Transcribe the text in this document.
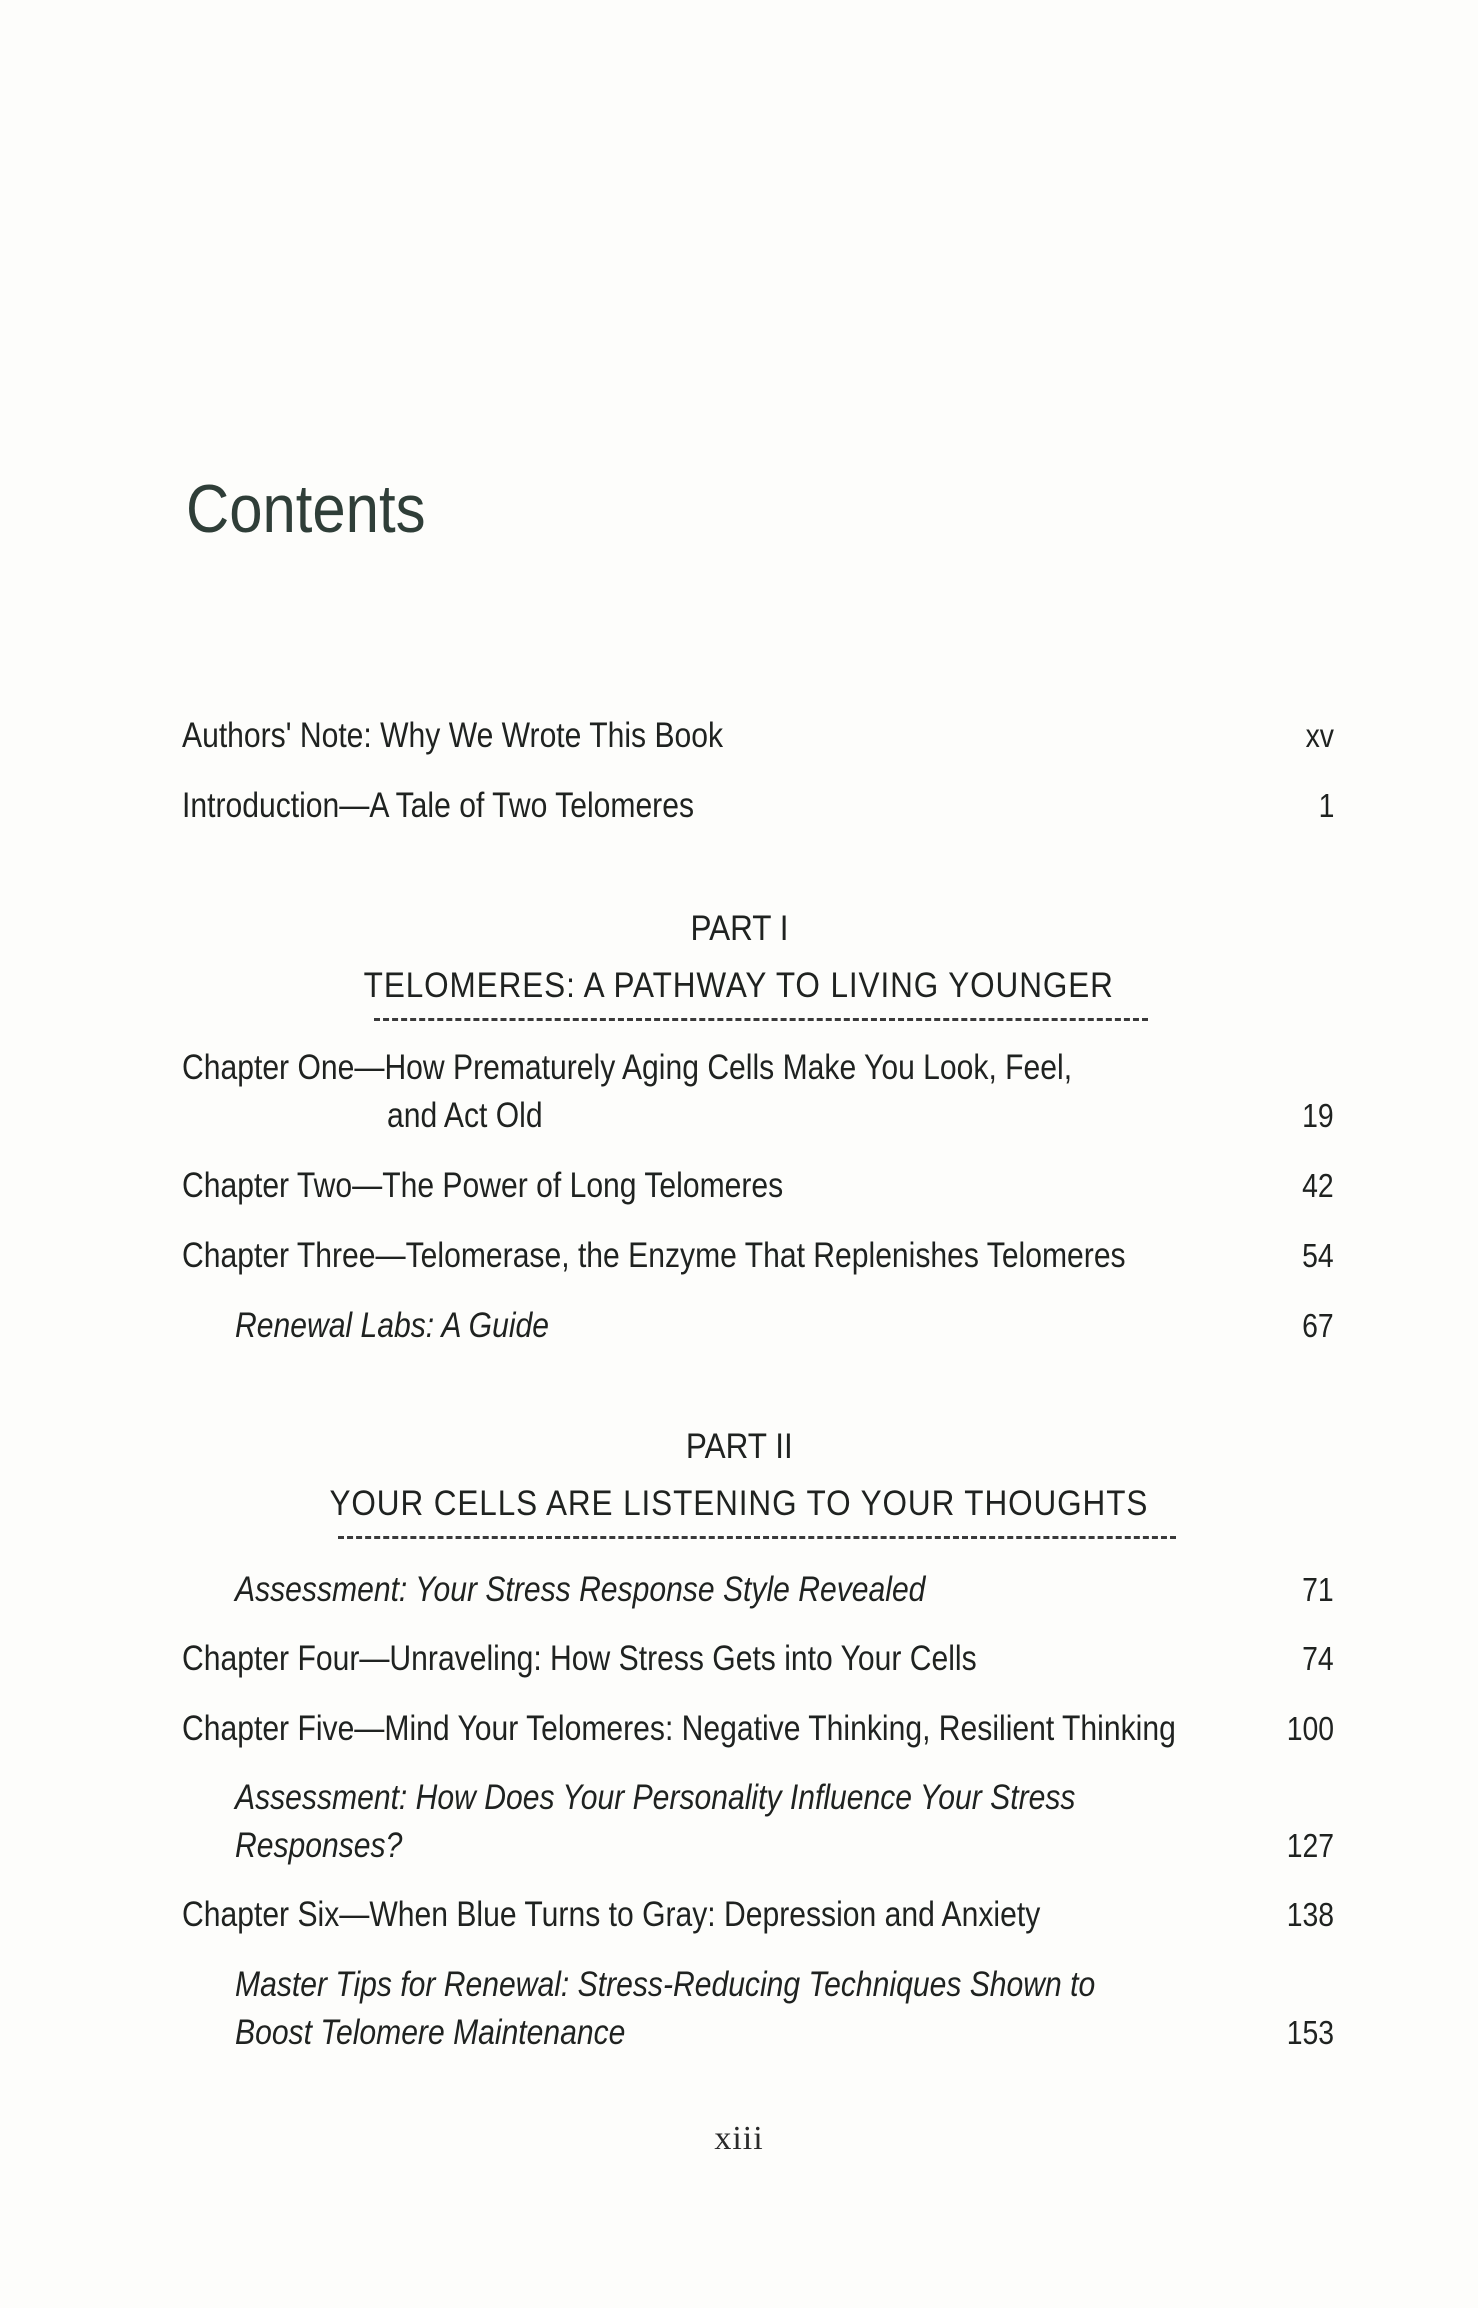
Contents
Authors' Note: Why We Wrote This Book	xv
Introduction—A Tale of Two Telomeres	1
PART I
TELOMERES: A PATHWAY TO LIVING YOUNGER
Chapter One—How Prematurely Aging Cells Make You Look, Feel,
and Act Old	19
Chapter Two—The Power of Long Telomeres	42
Chapter Three—Telomerase, the Enzyme That Replenishes Telomeres	54
Renewal Labs: A Guide	67
PART II
YOUR CELLS ARE LISTENING TO YOUR THOUGHTS
Assessment: Your Stress Response Style Revealed	71
Chapter Four—Unraveling: How Stress Gets into Your Cells	74
Chapter Five—Mind Your Telomeres: Negative Thinking, Resilient Thinking	100
Assessment: How Does Your Personality Influence Your Stress
Responses?	127
Chapter Six—When Blue Turns to Gray: Depression and Anxiety	138
Master Tips for Renewal: Stress-Reducing Techniques Shown to
Boost Telomere Maintenance	153
xiii
